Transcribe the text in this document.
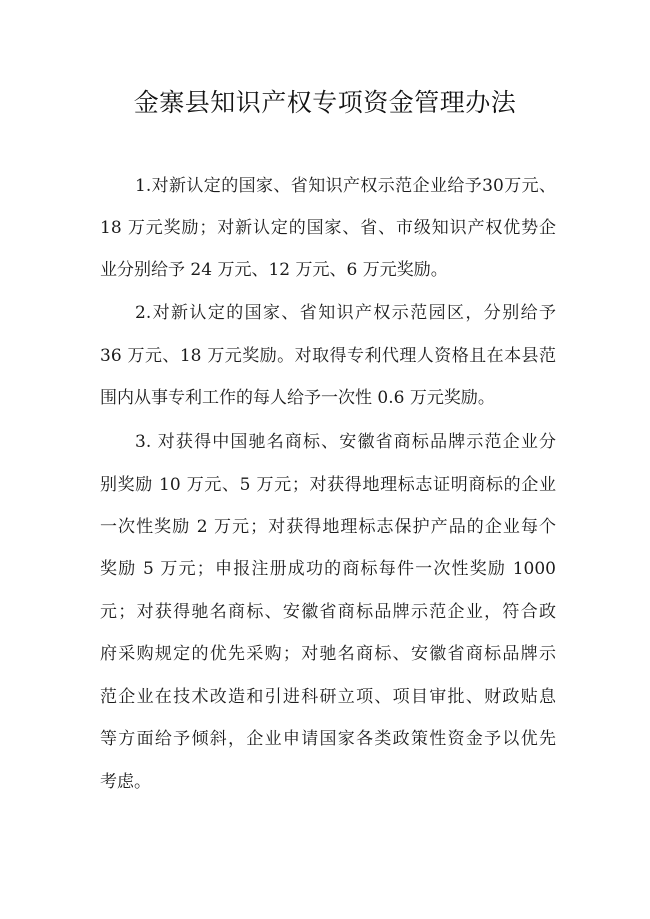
金寨县知识产权专项资金管理办法
1.对新认定的国家、省知识产权示范企业给予30万元、
18 万元奖励；对新认定的国家、省、市级知识产权优势企
业分别给予 24 万元、12 万元、6 万元奖励。
2.对新认定的国家、省知识产权示范园区，分别给予
36 万元、18 万元奖励。对取得专利代理人资格且在本县范
围内从事专利工作的每人给予一次性 0.6 万元奖励。
3. 对获得中国驰名商标、安徽省商标品牌示范企业分
别奖励 10 万元、5 万元；对获得地理标志证明商标的企业
一次性奖励 2 万元；对获得地理标志保护产品的企业每个
奖励 5 万元；申报注册成功的商标每件一次性奖励 1000
元；对获得驰名商标、安徽省商标品牌示范企业，符合政
府采购规定的优先采购；对驰名商标、安徽省商标品牌示
范企业在技术改造和引进科研立项、项目审批、财政贴息
等方面给予倾斜，企业申请国家各类政策性资金予以优先
考虑。
